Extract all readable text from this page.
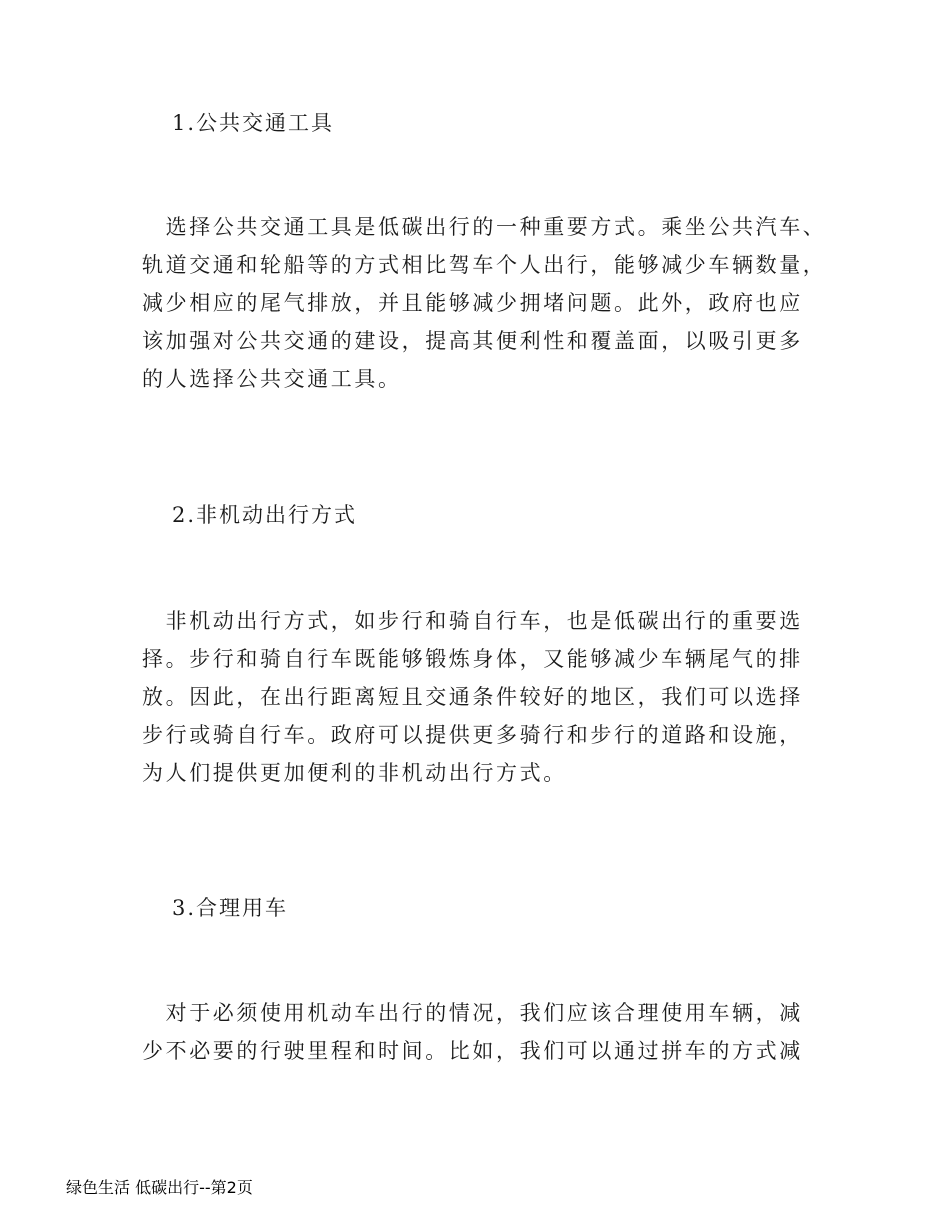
1.公共交通工具
　选择公共交通工具是低碳出行的一种重要方式。乘坐公共汽车、
轨道交通和轮船等的方式相比驾车个人出行，能够减少车辆数量，
减少相应的尾气排放，并且能够减少拥堵问题。此外，政府也应
该加强对公共交通的建设，提高其便利性和覆盖面，以吸引更多
的人选择公共交通工具。
2.非机动出行方式
　非机动出行方式，如步行和骑自行车，也是低碳出行的重要选
择。步行和骑自行车既能够锻炼身体，又能够减少车辆尾气的排
放。因此，在出行距离短且交通条件较好的地区，我们可以选择
步行或骑自行车。政府可以提供更多骑行和步行的道路和设施，
为人们提供更加便利的非机动出行方式。
3.合理用车
　对于必须使用机动车出行的情况，我们应该合理使用车辆，减
少不必要的行驶里程和时间。比如，我们可以通过拼车的方式减
绿色生活 低碳出行--第2页
